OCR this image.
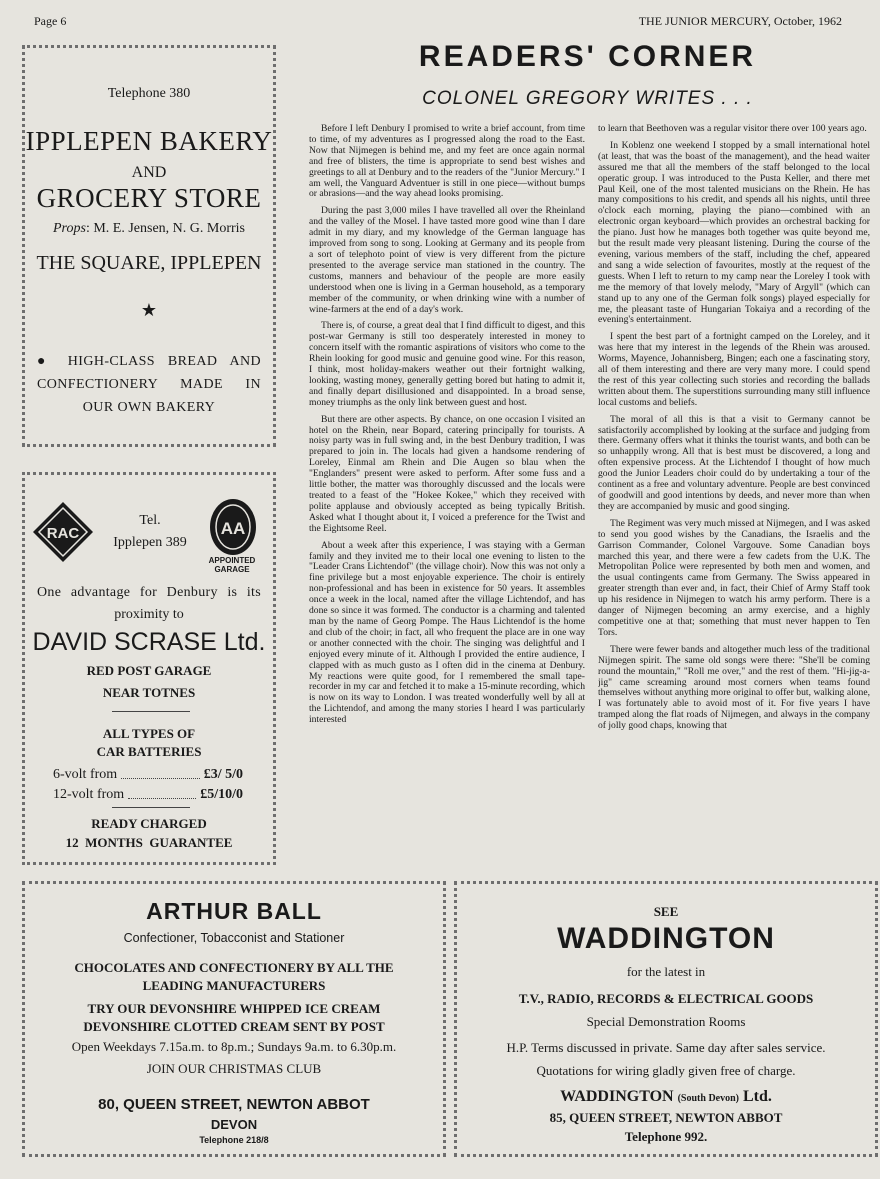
Page 6	THE JUNIOR MERCURY, October, 1962
Telephone 380
IPPLEPEN BAKERY
AND
GROCERY STORE
Props: M. E. Jensen, N. G. Morris
THE SQUARE, IPPLEPEN
★
● HIGH-CLASS BREAD AND
CONFECTIONERY MADE IN
OUR OWN BAKERY
RAC	AA
APPOINTED
GARAGE
Tel.
Ipplepen 389
One advantage for Denbury is its
proximity to
DAVID SCRASE Ltd.
RED POST GARAGE
NEAR TOTNES
ALL TYPES OF
CAR BATTERIES
6-volt from	£3/ 5/0
12-volt from	£5/10/0
READY CHARGED
12  MONTHS  GUARANTEE
READERS' CORNER
COLONEL GREGORY WRITES . . .

Before I left Denbury I promised to write a brief account, from time to time, of my adventures as I progressed along the road to the East. Now that Nijmegen is behind me, and my feet are once again normal and free of blisters, the time is appropriate to send best wishes and greetings to all at Denbury and to the readers of the "Junior Mercury." I am well, the Vanguard Adventuer is still in one piece—without bumps or abrasions—and the way ahead looks promising.

During the past 3,000 miles I have travelled all over the Rheinland and the valley of the Mosel. I have tasted more good wine than I dare admit in my diary, and my knowledge of the German language has improved from song to song. Looking at Germany and its people from a sort of telephoto point of view is very different from the picture presented to the average service man stationed in the country. The customs, manners and behaviour of the people are more easily understood when one is living in a German household, as a temporary member of the community, or when drinking wine with a number of wine-farmers at the end of a day's work.

There is, of course, a great deal that I find difficult to digest, and this post-war Germany is still too desperately interested in money to concern itself with the romantic aspirations of visitors who come to the Rhein looking for good music and genuine good wine. For this reason, I think, most holiday-makers weather out their fortnight walking, looking, wasting money, generally getting bored but hating to admit it, and finally depart disillusioned and disappointed. In a broad sense, money triumphs as the only link between guest and host.

But there are other aspects. By chance, on one occasion I visited an hotel on the Rhein, near Bopard, catering principally for tourists. A noisy party was in full swing and, in the best Denbury tradition, I was prepared to join in. The locals had given a handsome rendering of Loreley, Einmal am Rhein and Die Augen so blau when the "Englanders" present were asked to perform. After some fuss and a little bother, the matter was thoroughly discussed and the locals were treated to a feast of the "Hokee Kokee," which they received with polite applause and obviously accepted as being typically British. Asked what I thought about it, I voiced a preference for the Twist and the Eightsome Reel.

About a week after this experience, I was staying with a German family and they invited me to their local one evening to listen to the "Leader Crans Lichtendof" (the village choir). Now this was not only a fine privilege but a most enjoyable experience. The choir is entirely non-professional and has been in existence for 50 years. It assembles once a week in the local, named after the village Lichtendof, and has done so since it was formed. The conductor is a charming and talented man by the name of Georg Pompe. The Haus Lichtendof is the home and club of the choir; in fact, all who frequent the place are in one way or another connected with the choir. The singing was delightful and I enjoyed every minute of it. Although I provided the entire audience, I clapped with as much gusto as I often did in the cinema at Denbury. My reactions were quite good, for I remembered the small tape-recorder in my car and fetched it to make a 15-minute recording, which is now on its way to London. I was treated wonderfully well by all at the Lichtendof, and among the many stories I heard I was particularly interested

to learn that Beethoven was a regular visitor there over 100 years ago.

In Koblenz one weekend I stopped by a small international hotel (at least, that was the boast of the management), and the head waiter assured me that all the members of the staff belonged to the local operatic group. I was introduced to the Pusta Keller, and there met Paul Keil, one of the most talented musicians on the Rhein. He has many compositions to his credit, and spends all his nights, until three o'clock each morning, playing the piano—combined with an electronic organ keyboard—which provides an orchestral backing for the piano. Just how he manages both together was quite beyond me, but the result made very pleasant listening. During the course of the evening, various members of the staff, including the chef, appeared and sang a wide selection of favourites, mostly at the request of the guests. When I left to return to my camp near the Loreley I took with me the memory of that lovely melody, "Mary of Argyll" (which can stand up to any one of the German folk songs) played especially for me, the pleasant taste of Hungarian Tokaiya and a recording of the evening's entertainment.

I spent the best part of a fortnight camped on the Loreley, and it was here that my interest in the legends of the Rhein was aroused. Worms, Mayence, Johannisberg, Bingen; each one a fascinating story, all of them interesting and there are very many more. I could spend the rest of this year collecting such stories and recording the ballads written about them. The superstitions surrounding many still influence local customs and beliefs.

The moral of all this is that a visit to Germany cannot be satisfactorily accomplished by looking at the surface and judging from there. Germany offers what it thinks the tourist wants, and both can be so unhappily wrong. All that is best must be discovered, a long and often expensive process. At the Lichtendof I thought of how much good the Junior Leaders choir could do by undertaking a tour of the continent as a free and voluntary adventure. People are best convinced of goodwill and good intentions by deeds, and never more than when they are accompanied by music and good singing.

The Regiment was very much missed at Nijmegen, and I was asked to send you good wishes by the Canadians, the Israelis and the Garrison Commander, Colonel Vargouve. Some Canadian boys marched this year, and there were a few cadets from the U.K. The Metropolitan Police were represented by both men and women, and the usual contingents came from Germany. The Swiss appeared in greater strength than ever and, in fact, their Chief of Army Staff took up his residence in Nijmegen to watch his army perform. There is a danger of Nijmegen becoming an army exercise, and a highly competitive one at that; something that must never happen to Ten Tors.

There were fewer bands and altogether much less of the traditional Nijmegen spirit. The same old songs were there: "She'll be coming round the mountain," "Roll me over," and the rest of them. "Hi-jig-a-jig" came screaming around most corners when teams found themselves without anything more original to offer but, walking alone, I was fortunately able to avoid most of it. For five years I have tramped along the flat roads of Nijmegen, and always in the company of jolly good chaps, knowing that

ARTHUR BALL
Confectioner, Tobacconist and Stationer
CHOCOLATES AND CONFECTIONERY BY ALL THE
LEADING MANUFACTURERS
TRY OUR DEVONSHIRE WHIPPED ICE CREAM
DEVONSHIRE CLOTTED CREAM SENT BY POST
Open Weekdays 7.15a.m. to 8p.m.; Sundays 9a.m. to 6.30p.m.
JOIN OUR CHRISTMAS CLUB
80, QUEEN STREET, NEWTON ABBOT
DEVON
Telephone 218/8
SEE
WADDINGTON
for the latest in
T.V., RADIO, RECORDS & ELECTRICAL GOODS
Special Demonstration Rooms
H.P. Terms discussed in private. Same day after sales service.
Quotations for wiring gladly given free of charge.
WADDINGTON (South Devon) Ltd.
85, QUEEN STREET, NEWTON ABBOT
Telephone 992.
